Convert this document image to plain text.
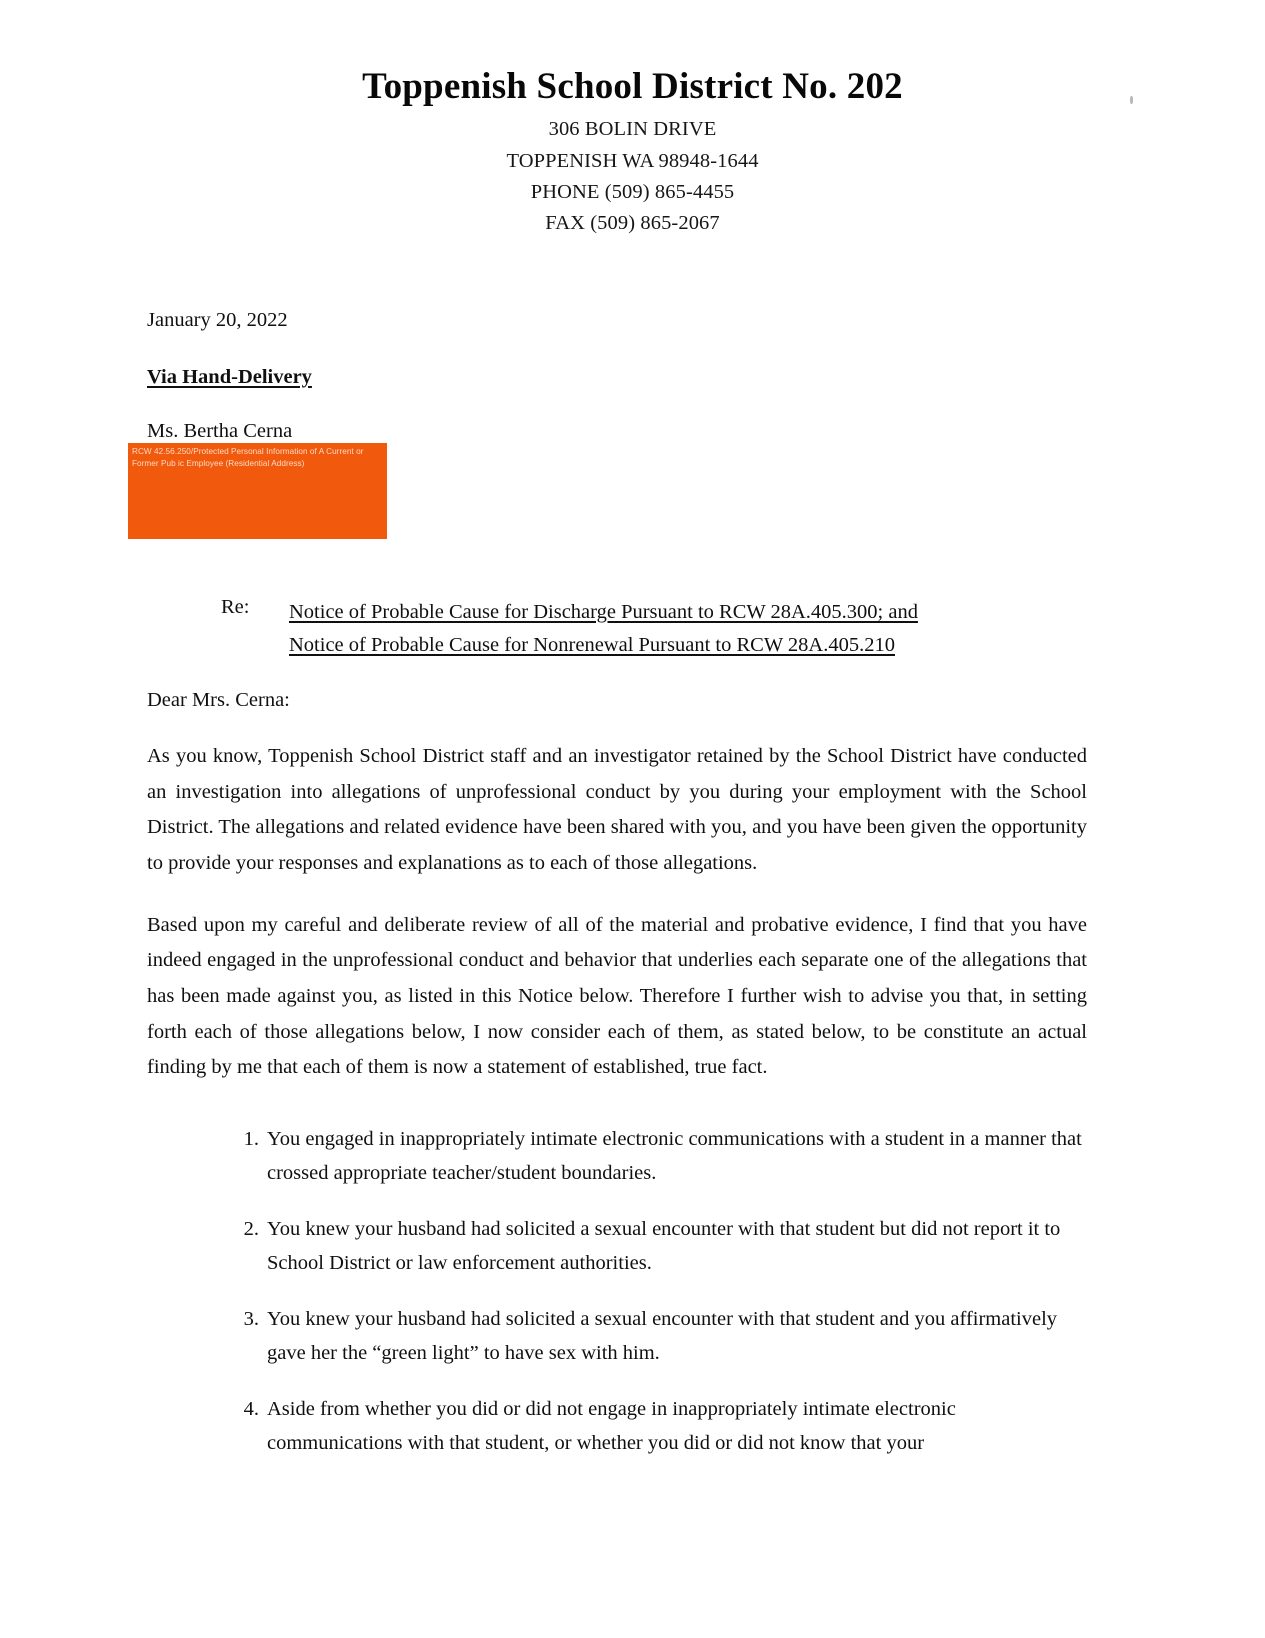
Toppenish School District No. 202
306 BOLIN DRIVE
TOPPENISH WA 98948-1644
PHONE (509) 865-4455
FAX (509) 865-2067
January 20, 2022
Via Hand-Delivery
Ms. Bertha Cerna
RCW 42.56.250/Protected Personal Information of A Current or Former Pub ic Employee (Residential Address)
Re:	Notice of Probable Cause for Discharge Pursuant to RCW 28A.405.300; and
Notice of Probable Cause for Nonrenewal Pursuant to RCW 28A.405.210
Dear Mrs. Cerna:

As you know, Toppenish School District staff and an investigator retained by the School District have conducted an investigation into allegations of unprofessional conduct by you during your employment with the School District. The allegations and related evidence have been shared with you, and you have been given the opportunity to provide your responses and explanations as to each of those allegations.

Based upon my careful and deliberate review of all of the material and probative evidence, I find that you have indeed engaged in the unprofessional conduct and behavior that underlies each separate one of the allegations that has been made against you, as listed in this Notice below. Therefore I further wish to advise you that, in setting forth each of those allegations below, I now consider each of them, as stated below, to be constitute an actual finding by me that each of them is now a statement of established, true fact.

1. You engaged in inappropriately intimate electronic communications with a student in a manner that crossed appropriate teacher/student boundaries.
2. You knew your husband had solicited a sexual encounter with that student but did not report it to School District or law enforcement authorities.
3. You knew your husband had solicited a sexual encounter with that student and you affirmatively gave her the “green light” to have sex with him.
4. Aside from whether you did or did not engage in inappropriately intimate electronic communications with that student, or whether you did or did not know that your
